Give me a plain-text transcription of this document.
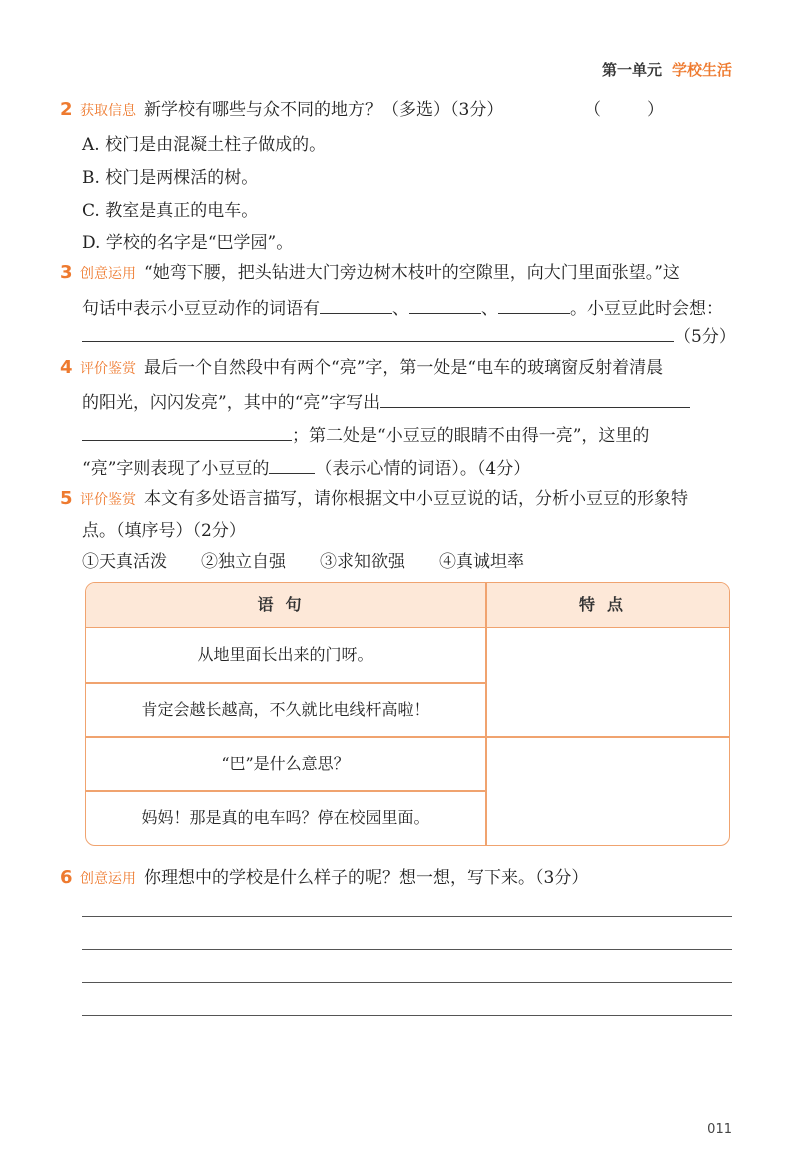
第一单元 学校生活
2 获取信息 新学校有哪些与众不同的地方？（多选）（3分）	（	）
A. 校门是由混凝土柱子做成的。
B. 校门是两棵活的树。
C. 教室是真正的电车。
D. 学校的名字是“巴学园”。
3 创意运用 “她弯下腰，把头钻进大门旁边树木枝叶的空隙里，向大门里面张望。”这
句话中表示小豆豆动作的词语有	、	、	。小豆豆此时会想：
（5分）
4 评价鉴赏 最后一个自然段中有两个“亮”字，第一处是“电车的玻璃窗反射着清晨
的阳光，闪闪发亮”，其中的“亮”字写出
；第二处是“小豆豆的眼睛不由得一亮”，这里的
“亮”字则表现了小豆豆的	（表示心情的词语）。（4分）
5 评价鉴赏 本文有多处语言描写，请你根据文中小豆豆说的话，分析小豆豆的形象特
点。（填序号）（2分）
①天真活泼 ②独立自强 ③求知欲强 ④真诚坦率
语句	特点
从地里面长出来的门呀。
肯定会越长越高，不久就比电线杆高啦！
“巴”是什么意思？
妈妈！那是真的电车吗？停在校园里面。
6 创意运用 你理想中的学校是什么样子的呢？想一想，写下来。（3分）
011
